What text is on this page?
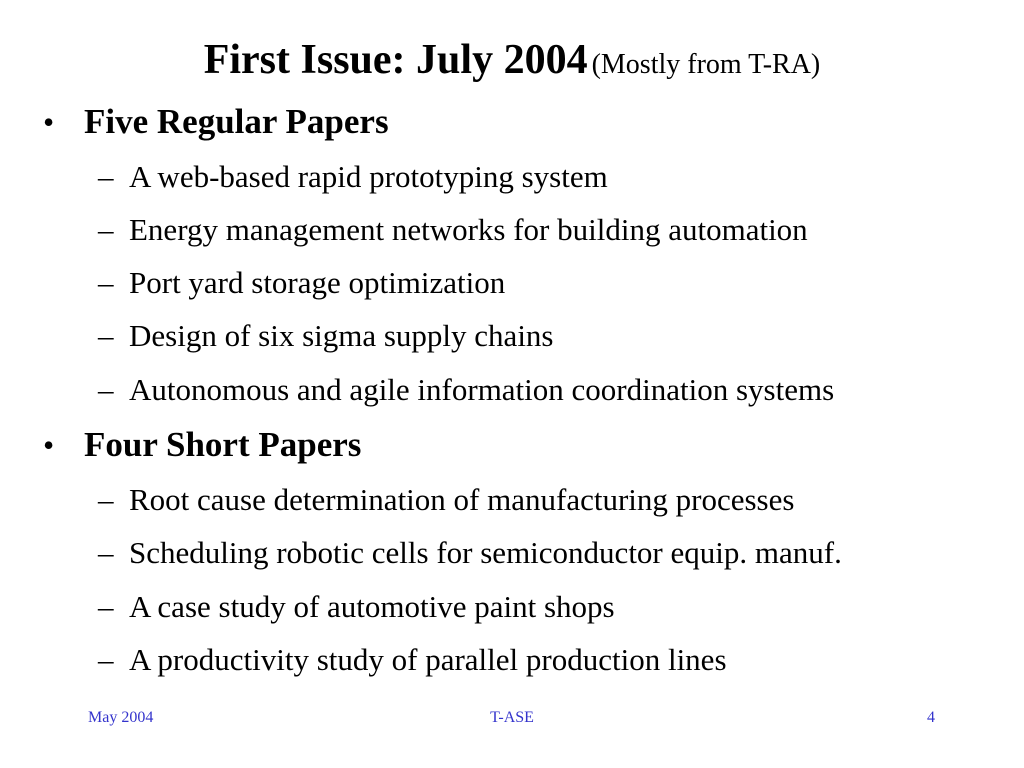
First Issue: July 2004 (Mostly from T-RA)
• Five Regular Papers
– A web-based rapid prototyping system
– Energy management networks for building automation
– Port yard storage optimization
– Design of six sigma supply chains
– Autonomous and agile information coordination systems
• Four Short Papers
– Root cause determination of manufacturing processes
– Scheduling robotic cells for semiconductor equip. manuf.
– A case study of automotive paint shops
– A productivity study of parallel production lines
May 2004	T-ASE	4
